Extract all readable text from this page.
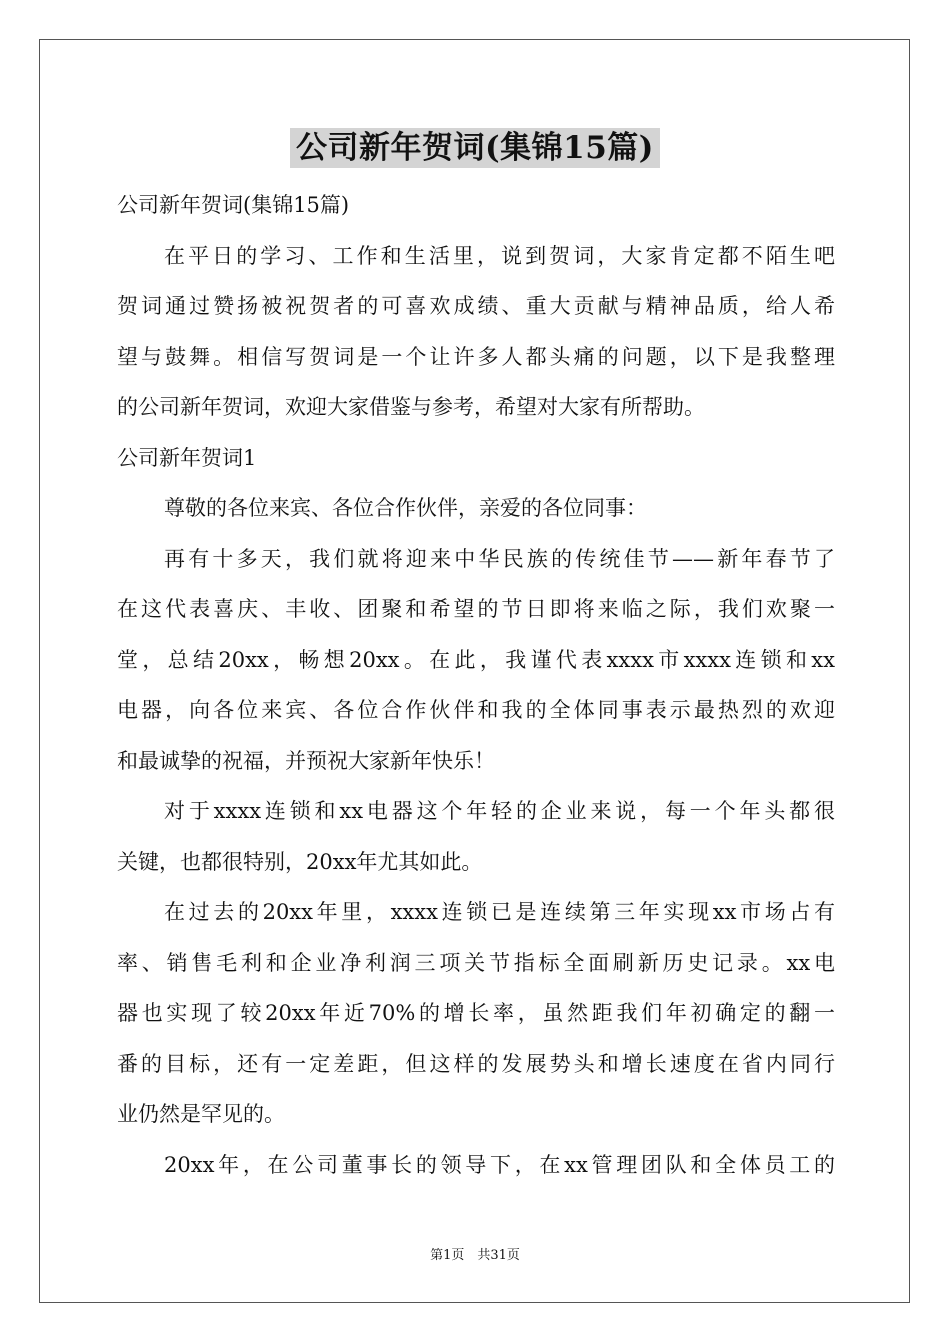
公司新年贺词(集锦15篇)
公司新年贺词(集锦15篇)
在平日的学习、工作和生活里，说到贺词，大家肯定都不陌生吧
贺词通过赞扬被祝贺者的可喜欢成绩、重大贡献与精神品质，给人希
望与鼓舞。相信写贺词是一个让许多人都头痛的问题，以下是我整理
的公司新年贺词，欢迎大家借鉴与参考，希望对大家有所帮助。
公司新年贺词1
尊敬的各位来宾、各位合作伙伴，亲爱的各位同事：
再有十多天，我们就将迎来中华民族的传统佳节——新年春节了
在这代表喜庆、丰收、团聚和希望的节日即将来临之际，我们欢聚一
堂，总结20xx，畅想20xx。在此，我谨代表xxxx市xxxx连锁和xx
电器，向各位来宾、各位合作伙伴和我的全体同事表示最热烈的欢迎
和最诚挚的祝福，并预祝大家新年快乐！
对于xxxx连锁和xx电器这个年轻的企业来说，每一个年头都很
关键，也都很特别，20xx年尤其如此。
在过去的20xx年里，xxxx连锁已是连续第三年实现xx市场占有
率、销售毛利和企业净利润三项关节指标全面刷新历史记录。xx电
器也实现了较20xx年近70%的增长率，虽然距我们年初确定的翻一
番的目标，还有一定差距，但这样的发展势头和增长速度在省内同行
业仍然是罕见的。
20xx年，在公司董事长的领导下，在xx管理团队和全体员工的
第1页　共31页
